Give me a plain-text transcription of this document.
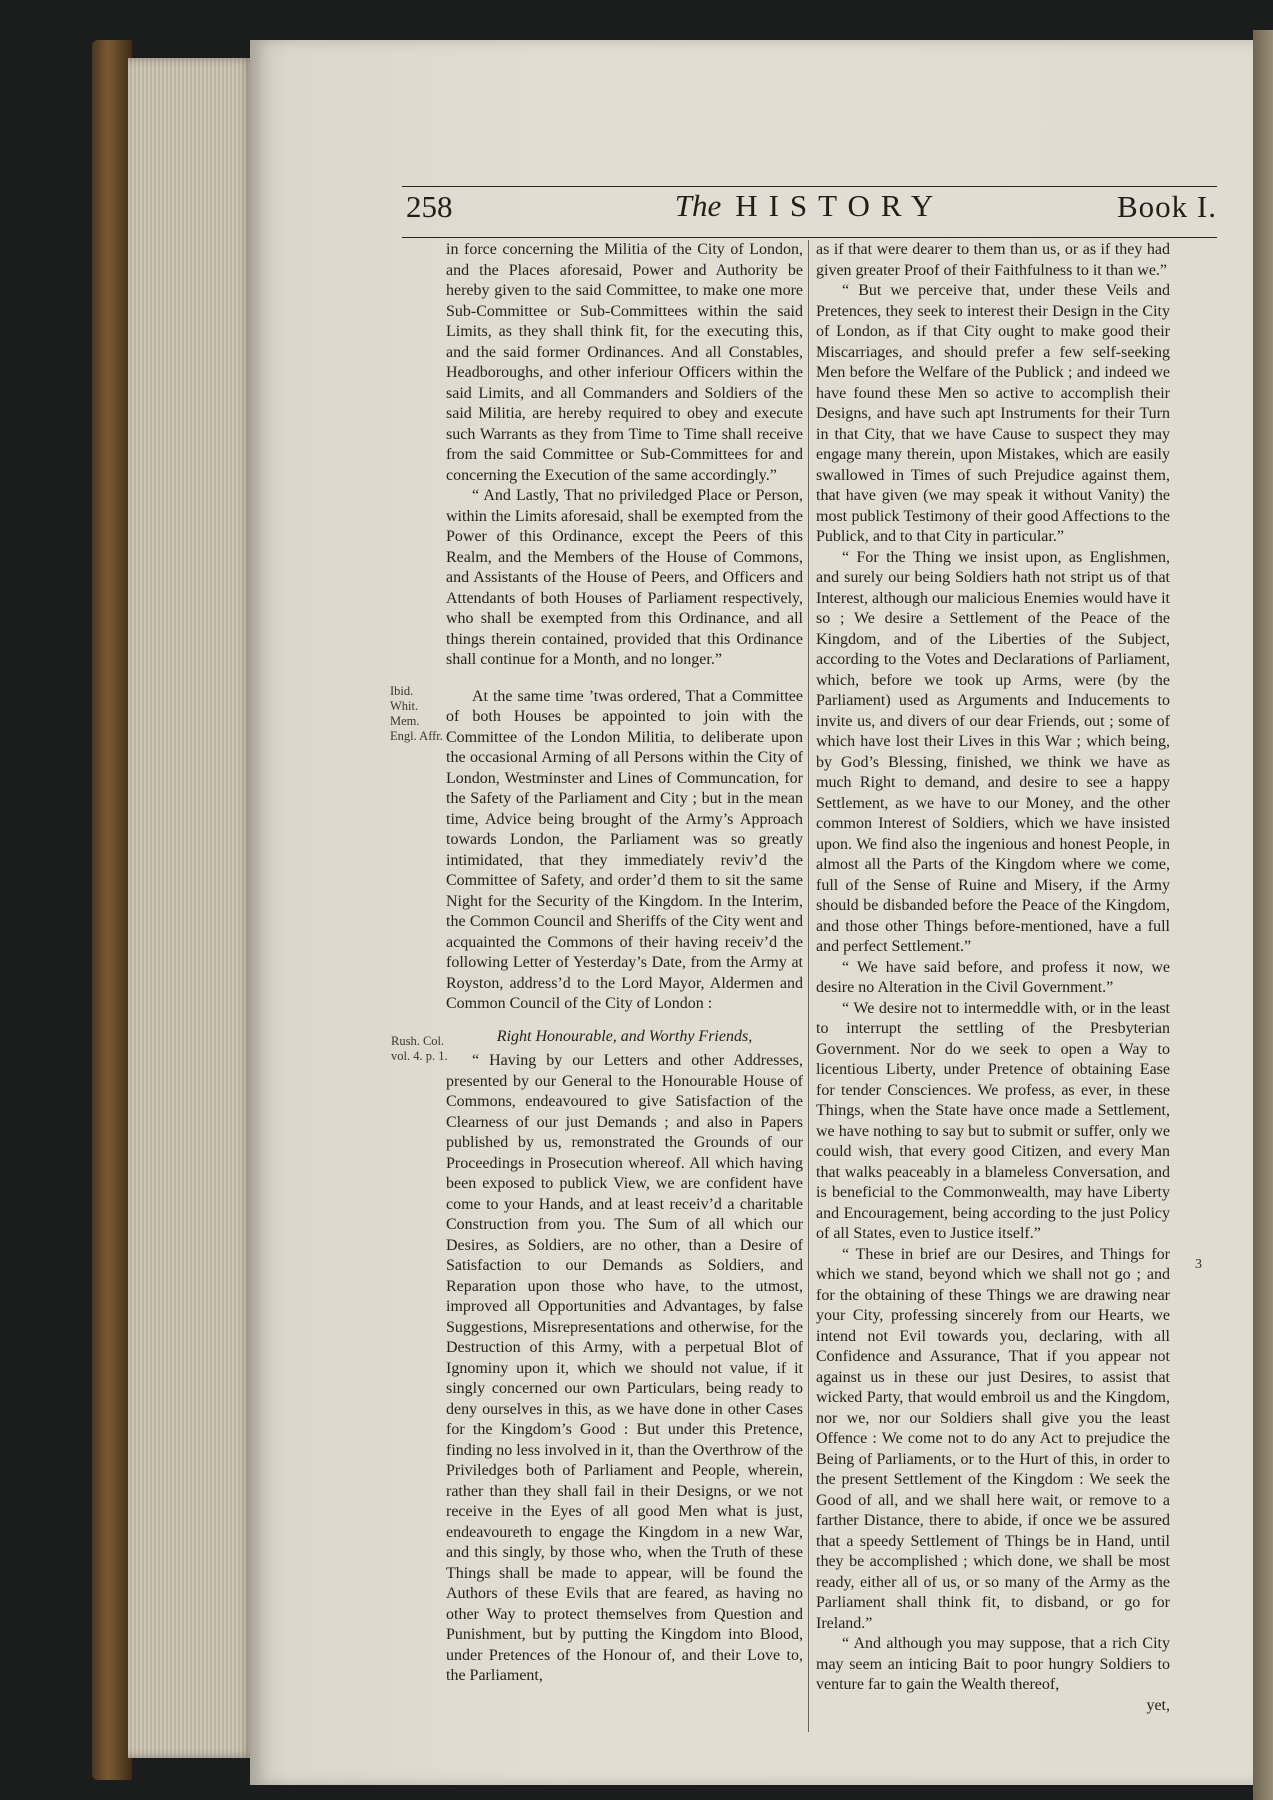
258	The HISTORY	Book I.
Ibid.
Whit.
Mem.
Engl. Affr.
Rush. Col.
vol. 4. p. 1.

in force concerning the Militia of the City of London, and the Places aforesaid, Power and Authority be hereby given to the said Committee, to make one more Sub-Committee or Sub-Committees within the said Limits, as they shall think fit, for the executing this, and the said former Ordinances. And all Constables, Headboroughs, and other inferiour Officers within the said Limits, and all Commanders and Soldiers of the said Militia, are hereby required to obey and execute such Warrants as they from Time to Time shall receive from the said Committee or Sub-Committees for and concerning the Execution of the same accordingly.”

“ And Lastly, That no priviledged Place or Person, within the Limits aforesaid, shall be exempted from the Power of this Ordinance, except the Peers of this Realm, and the Members of the House of Commons, and Assistants of the House of Peers, and Officers and Attendants of both Houses of Parliament respectively, who shall be exempted from this Ordinance, and all things therein contained, provided that this Ordinance shall continue for a Month, and no longer.”

At the same time ’twas ordered, That a Committee of both Houses be appointed to join with the Committee of the London Militia, to deliberate upon the occasional Arming of all Persons within the City of London, Westminster and Lines of Communcation, for the Safety of the Parliament and City ; but in the mean time, Advice being brought of the Army’s Approach towards London, the Parliament was so greatly intimidated, that they immediately reviv’d the Committee of Safety, and order’d them to sit the same Night for the Security of the Kingdom. In the Interim, the Common Council and Sheriffs of the City went and acquainted the Commons of their having receiv’d the following Letter of Yesterday’s Date, from the Army at Royston, address’d to the Lord Mayor, Aldermen and Common Council of the City of London :

Right Honourable, and Worthy Friends,

“ Having by our Letters and other Addresses, presented by our General to the Honourable House of Commons, endeavoured to give Satisfaction of the Clearness of our just Demands ; and also in Papers published by us, remonstrated the Grounds of our Proceedings in Prosecution whereof. All which having been exposed to publick View, we are confident have come to your Hands, and at least receiv’d a charitable Construction from you. The Sum of all which our Desires, as Soldiers, are no other, than a Desire of Satisfaction to our Demands as Soldiers, and Reparation upon those who have, to the utmost, improved all Opportunities and Advantages, by false Suggestions, Misrepresentations and otherwise, for the Destruction of this Army, with a perpetual Blot of Ignominy upon it, which we should not value, if it singly concerned our own Particulars, being ready to deny ourselves in this, as we have done in other Cases for the Kingdom’s Good : But under this Pretence, finding no less involved in it, than the Overthrow of the Priviledges both of Parliament and People, wherein, rather than they shall fail in their Designs, or we not receive in the Eyes of all good Men what is just, endeavoureth to engage the Kingdom in a new War, and this singly, by those who, when the Truth of these Things shall be made to appear, will be found the Authors of these Evils that are feared, as having no other Way to protect themselves from Question and Punishment, but by putting the Kingdom into Blood, under Pretences of the Honour of, and their Love to, the Parliament,

as if that were dearer to them than us, or as if they had given greater Proof of their Faithfulness to it than we.”

“ But we perceive that, under these Veils and Pretences, they seek to interest their Design in the City of London, as if that City ought to make good their Miscarriages, and should prefer a few self-seeking Men before the Welfare of the Publick ; and indeed we have found these Men so active to accomplish their Designs, and have such apt Instruments for their Turn in that City, that we have Cause to suspect they may engage many therein, upon Mistakes, which are easily swallowed in Times of such Prejudice against them, that have given (we may speak it without Vanity) the most publick Testimony of their good Affections to the Publick, and to that City in particular.”

“ For the Thing we insist upon, as Englishmen, and surely our being Soldiers hath not stript us of that Interest, although our malicious Enemies would have it so ; We desire a Settlement of the Peace of the Kingdom, and of the Liberties of the Subject, according to the Votes and Declarations of Parliament, which, before we took up Arms, were (by the Parliament) used as Arguments and Inducements to invite us, and divers of our dear Friends, out ; some of which have lost their Lives in this War ; which being, by God’s Blessing, finished, we think we have as much Right to demand, and desire to see a happy Settlement, as we have to our Money, and the other common Interest of Soldiers, which we have insisted upon. We find also the ingenious and honest People, in almost all the Parts of the Kingdom where we come, full of the Sense of Ruine and Misery, if the Army should be disbanded before the Peace of the Kingdom, and those other Things before-mentioned, have a full and perfect Settlement.”

“ We have said before, and profess it now, we desire no Alteration in the Civil Government.”

“ We desire not to intermeddle with, or in the least to interrupt the settling of the Presbyterian Government. Nor do we seek to open a Way to licentious Liberty, under Pretence of obtaining Ease for tender Consciences. We profess, as ever, in these Things, when the State have once made a Settlement, we have nothing to say but to submit or suffer, only we could wish, that every good Citizen, and every Man that walks peaceably in a blameless Conversation, and is beneficial to the Commonwealth, may have Liberty and Encouragement, being according to the just Policy of all States, even to Justice itself.”

“ These in brief are our Desires, and Things for which we stand, beyond which we shall not go ; and for the obtaining of these Things we are drawing near your City, professing sincerely from our Hearts, we intend not Evil towards you, declaring, with all Confidence and Assurance, That if you appear not against us in these our just Desires, to assist that wicked Party, that would embroil us and the Kingdom, nor we, nor our Soldiers shall give you the least Offence : We come not to do any Act to prejudice the Being of Parliaments, or to the Hurt of this, in order to the present Settlement of the Kingdom : We seek the Good of all, and we shall here wait, or remove to a farther Distance, there to abide, if once we be assured that a speedy Settlement of Things be in Hand, until they be accomplished ; which done, we shall be most ready, either all of us, or so many of the Army as the Parliament shall think fit, to disband, or go for Ireland.”

“ And although you may suppose, that a rich City may seem an inticing Bait to poor hungry Soldiers to venture far to gain the Wealth thereof,

yet,

3
